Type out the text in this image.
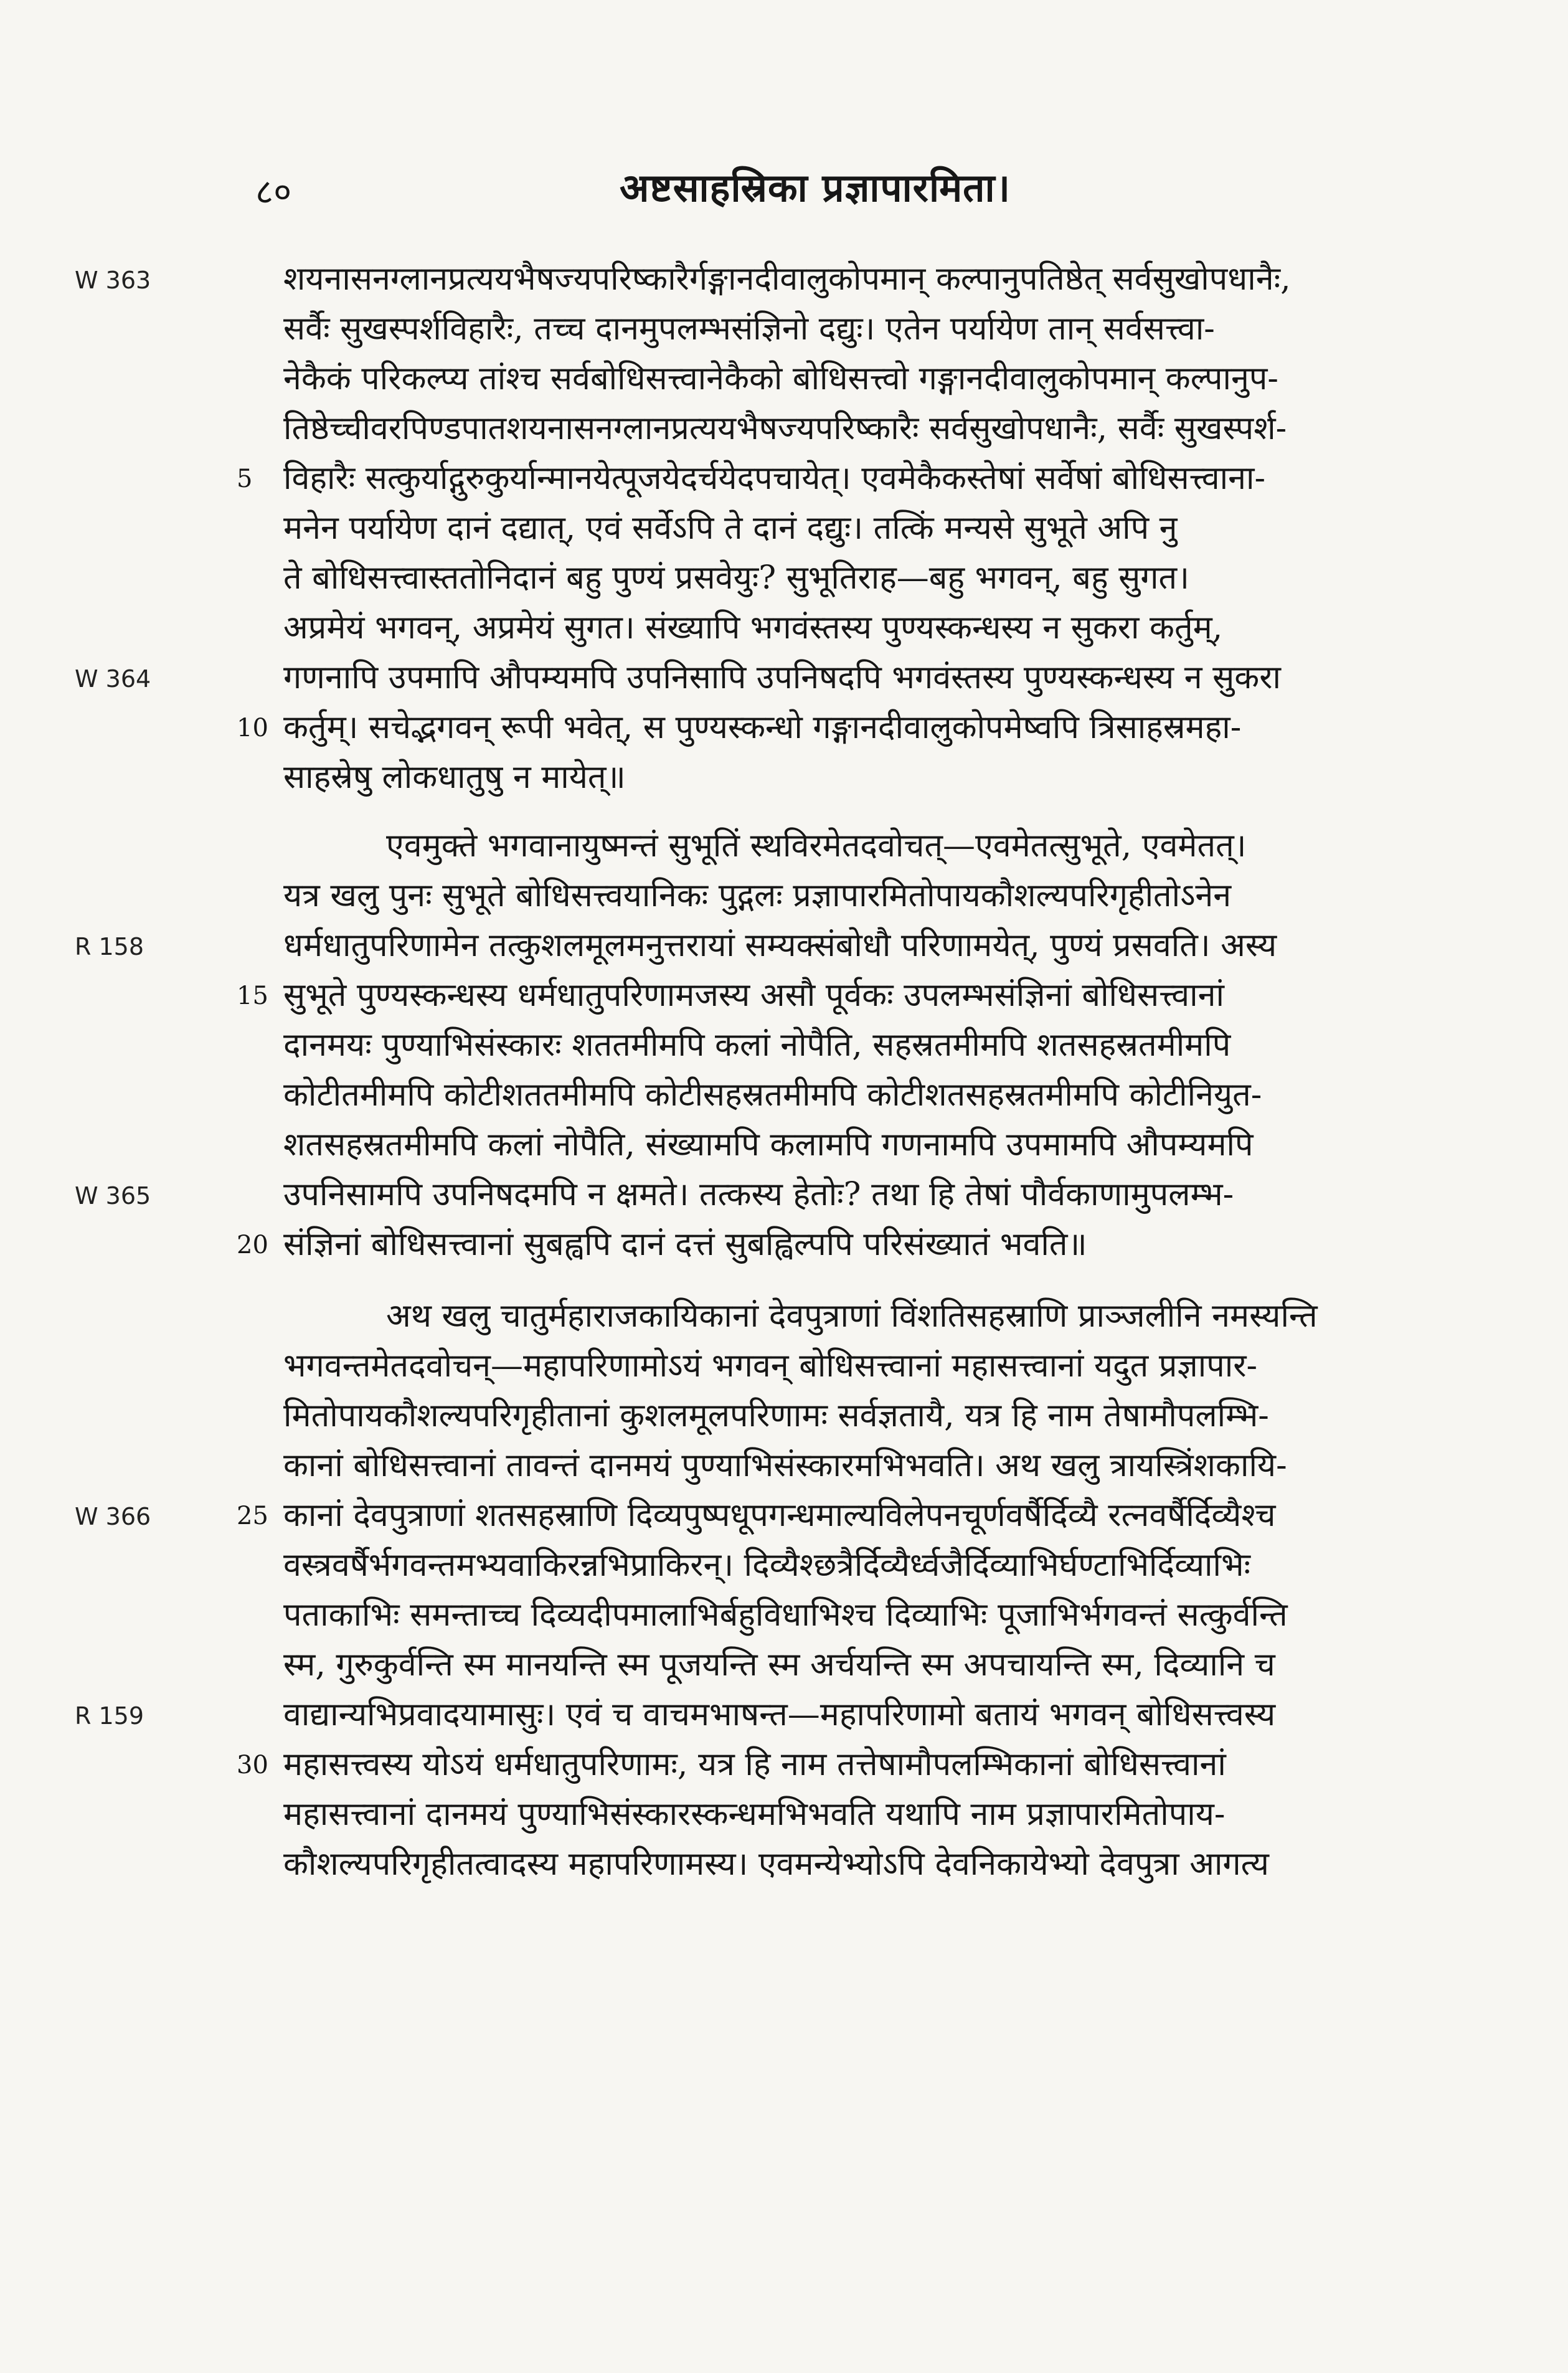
८०	अष्टसाहस्रिका प्रज्ञापारमिता।
शयनासनग्लानप्रत्ययभैषज्यपरिष्कारैर्गङ्गानदीवालुकोपमान् कल्पानुपतिष्ठेत् सर्वसुखोपधानैः,
सर्वैः सुखस्पर्शविहारैः, तच्च दानमुपलम्भसंज्ञिनो दद्युः। एतेन पर्यायेण तान् सर्वसत्त्वा-
नेकैकं परिकल्प्य तांश्च सर्वबोधिसत्त्वानेकैको बोधिसत्त्वो गङ्गानदीवालुकोपमान् कल्पानुप-
तिष्ठेच्चीवरपिण्डपातशयनासनग्लानप्रत्ययभैषज्यपरिष्कारैः सर्वसुखोपधानैः, सर्वैः सुखस्पर्श-
विहारैः सत्कुर्याद्गुरुकुर्यान्मानयेत्पूजयेदर्चयेदपचायेत्। एवमेकैकस्तेषां सर्वेषां बोधिसत्त्वाना-
5
मनेन पर्यायेण दानं दद्यात्, एवं सर्वेऽपि ते दानं दद्युः। तत्किं मन्यसे सुभूते अपि नु
ते बोधिसत्त्वास्ततोनिदानं बहु पुण्यं प्रसवेयुः? सुभूतिराह—बहु भगवन्, बहु सुगत।
अप्रमेयं भगवन्, अप्रमेयं सुगत। संख्यापि भगवंस्तस्य पुण्यस्कन्धस्य न सुकरा कर्तुम्,
गणनापि उपमापि औपम्यमपि उपनिसापि उपनिषदपि भगवंस्तस्य पुण्यस्कन्धस्य न सुकरा
कर्तुम्। सचेद्भगवन् रूपी भवेत्, स पुण्यस्कन्धो गङ्गानदीवालुकोपमेष्वपि त्रिसाहस्रमहा-
10
साहस्रेषु लोकधातुषु न मायेत्॥
एवमुक्ते भगवानायुष्मन्तं सुभूतिं स्थविरमेतदवोचत्—एवमेतत्सुभूते, एवमेतत्।
यत्र खलु पुनः सुभूते बोधिसत्त्वयानिकः पुद्गलः प्रज्ञापारमितोपायकौशल्यपरिगृहीतोऽनेन
धर्मधातुपरिणामेन तत्कुशलमूलमनुत्तरायां सम्यक्संबोधौ परिणामयेत्, पुण्यं प्रसवति। अस्य
सुभूते पुण्यस्कन्धस्य धर्मधातुपरिणामजस्य असौ पूर्वकः उपलम्भसंज्ञिनां बोधिसत्त्वानां
15
दानमयः पुण्याभिसंस्कारः शततमीमपि कलां नोपैति, सहस्रतमीमपि शतसहस्रतमीमपि
कोटीतमीमपि कोटीशततमीमपि कोटीसहस्रतमीमपि कोटीशतसहस्रतमीमपि कोटीनियुत-
शतसहस्रतमीमपि कलां नोपैति, संख्यामपि कलामपि गणनामपि उपमामपि औपम्यमपि
उपनिसामपि उपनिषदमपि न क्षमते। तत्कस्य हेतोः? तथा हि तेषां पौर्वकाणामुपलम्भ-
संज्ञिनां बोधिसत्त्वानां सुबह्वपि दानं दत्तं सुबह्विल्पपि परिसंख्यातं भवति॥
20
अथ खलु चातुर्महाराजकायिकानां देवपुत्राणां विंशतिसहस्राणि प्राञ्जलीनि नमस्यन्ति
भगवन्तमेतदवोचन्—महापरिणामोऽयं भगवन् बोधिसत्त्वानां महासत्त्वानां यदुत प्रज्ञापार-
मितोपायकौशल्यपरिगृहीतानां कुशलमूलपरिणामः सर्वज्ञतायै, यत्र हि नाम तेषामौपलम्भि-
कानां बोधिसत्त्वानां तावन्तं दानमयं पुण्याभिसंस्कारमभिभवति। अथ खलु त्रायस्त्रिंशकायि-
कानां देवपुत्राणां शतसहस्राणि दिव्यपुष्पधूपगन्धमाल्यविलेपनचूर्णवर्षैर्दिव्यै रत्नवर्षैर्दिव्यैश्च
25
वस्त्रवर्षैर्भगवन्तमभ्यवाकिरन्नभिप्राकिरन्। दिव्यैश्छत्रैर्दिव्यैर्ध्वजैर्दिव्याभिर्घण्टाभिर्दिव्याभिः
पताकाभिः समन्ताच्च दिव्यदीपमालाभिर्बहुविधाभिश्च दिव्याभिः पूजाभिर्भगवन्तं सत्कुर्वन्ति
स्म, गुरुकुर्वन्ति स्म मानयन्ति स्म पूजयन्ति स्म अर्चयन्ति स्म अपचायन्ति स्म, दिव्यानि च
वाद्यान्यभिप्रवादयामासुः। एवं च वाचमभाषन्त—महापरिणामो बतायं भगवन् बोधिसत्त्वस्य
महासत्त्वस्य योऽयं धर्मधातुपरिणामः, यत्र हि नाम तत्तेषामौपलम्भिकानां बोधिसत्त्वानां
30
महासत्त्वानां दानमयं पुण्याभिसंस्कारस्कन्धमभिभवति यथापि नाम प्रज्ञापारमितोपाय-
कौशल्यपरिगृहीतत्वादस्य महापरिणामस्य। एवमन्येभ्योऽपि देवनिकायेभ्यो देवपुत्रा आगत्य
W 363
W 364
R 158
W 365
W 366
R 159
